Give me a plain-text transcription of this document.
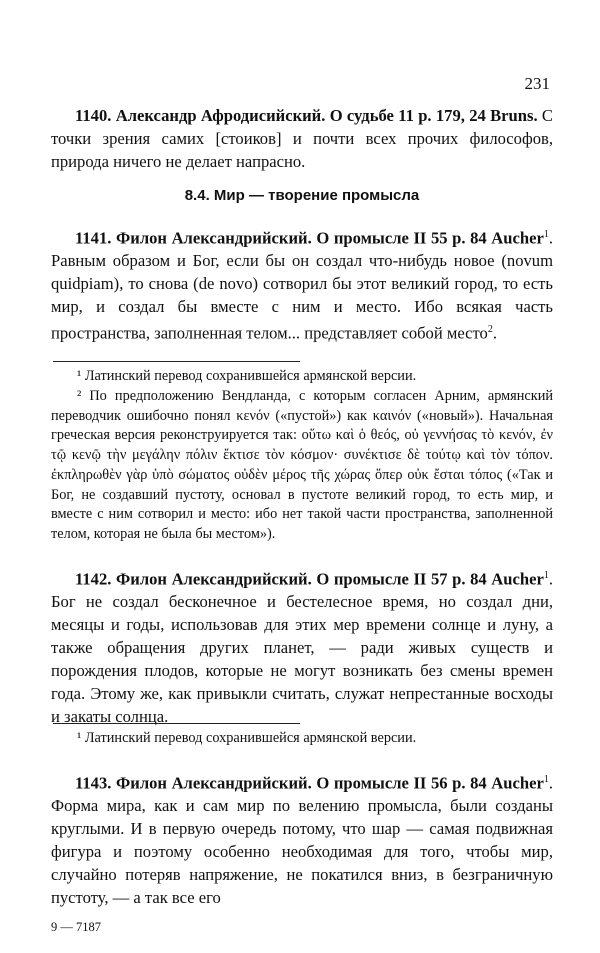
231

1140. Александр Афродисийский. О судьбе 11 р. 179, 24 Bruns. С точки зрения самих [стоиков] и почти всех прочих философов, природа ничего не делает напрасно.

8.4. Мир — творение промысла

1141. Филон Александрийский. О промысле II 55 р. 84 Aucher$^1$. Равным образом и Бог, если бы он создал что-нибудь новое (novum quidpiam), то снова (de novo) сотворил бы этот великий город, то есть мир, и создал бы вместе с ним и место. Ибо всякая часть пространства, заполненная телом... представляет собой место$^2$.

¹ Латинский перевод сохранившейся армянской версии.

² По предположению Вендланда, с которым согласен Арним, армянский переводчик ошибочно понял κενόν («пустой») как καινόν («новый»). Начальная греческая версия реконструируется так: οὕτω καὶ ὁ θεός, οὐ γεννήσας τὸ κενόν, ἐν τῷ κενῷ τὴν μεγάλην πόλιν ἔκτισε τὸν κόσμον· συνέκτισε δὲ τούτῳ καὶ τὸν τόπον. ἐκπληρωθὲν γὰρ ὑπὸ σώματος οὐδὲν μέρος τῆς χώρας ὅπερ οὐκ ἔσται τόπος («Так и Бог, не создавший пустоту, основал в пустоте великий город, то есть мир, и вместе с ним сотворил и место: ибо нет такой части пространства, заполненной телом, которая не была бы местом»).

1142. Филон Александрийский. О промысле II 57 р. 84 Aucher$^1$. Бог не создал бесконечное и бестелесное время, но создал дни, месяцы и годы, использовав для этих мер времени солнце и луну, а также обращения других планет, — ради живых существ и порождения плодов, которые не могут возникать без смены времен года. Этому же, как привыкли считать, служат непрестанные восходы и закаты солнца.

¹ Латинский перевод сохранившейся армянской версии.

1143. Филон Александрийский. О промысле II 56 р. 84 Aucher$^1$. Форма мира, как и сам мир по велению промысла, были созданы круглыми. И в первую очередь потому, что шар — самая подвижная фигура и поэтому особенно необходимая для того, чтобы мир, случайно потеряв напряжение, не покатился вниз, в безграничную пустоту, — а так все его

9 — 7187
